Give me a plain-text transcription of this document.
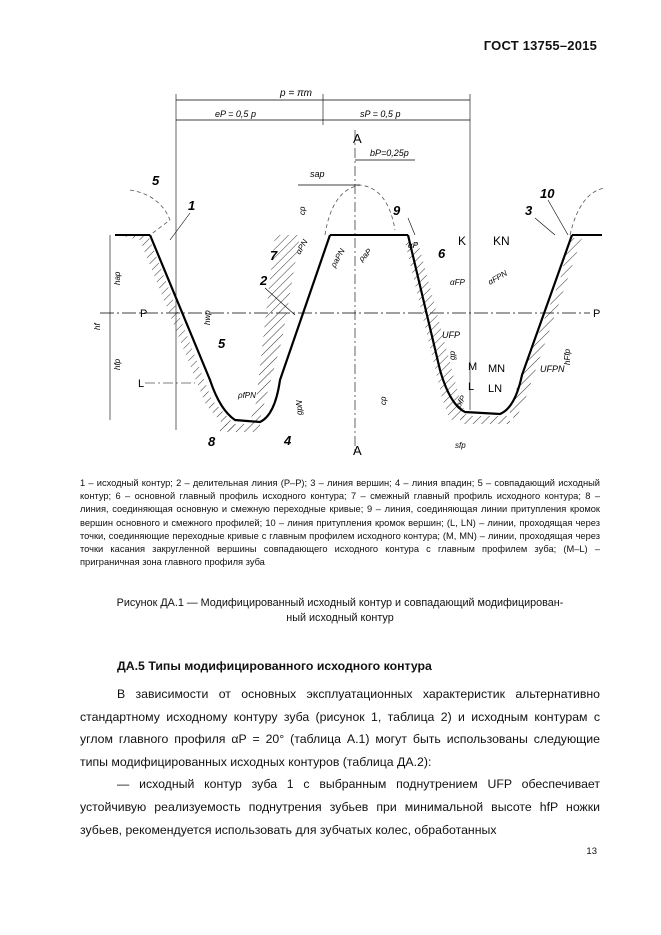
ГОСТ 13755–2015
P	P
p = πm
eP = 0,5 p	sP = 0,5 p
A
A
bP=0,25p
sap
cp
hap
hfp
hf
hwp
gpN	cp
gp	hFfp
sfp
L
K KN
M MN
L LN
αPN	αP
αFP	αFPN
ρaPN ρaP
ρfPN	ρfP
UFP
UFPN
1
2
3
4
5
5
6
7
8
9
10

1 – исходный контур; 2 – делительная линия (P–P); 3 – линия вершин; 4 – линия впадин; 5 – совпадающий исходный контур; 6 – основной главный профиль исходного контура; 7 – смежный главный профиль исходного контура; 8 – линия, соединяющая основную и смежную переходные кривые; 9 – линия, соединяющая линии притупления кромок вершин основного и смежного профилей; 10 – линия притупления кромок вершин; (L, LN) – линии, проходящая через точки, соединяющие переходные кривые с главным профилем исходного контура; (M, MN) – линии, проходящая через точки касания закругленной вершины совпадающего исходного контура с главным профилем зуба; (M–L) – приграничная зона главного профиля зуба

Рисунок ДА.1 — Модифицированный исходный контур и совпадающий модифицирован-
ный исходный контур
ДА.5 Типы модифицированного исходного контура

В зависимости от основных эксплуатационных характеристик альтернативно стандартному исходному контуру зуба (рисунок 1, таблица 2) и исходным контурам с углом главного профиля αP = 20° (таблица А.1) могут быть использованы следующие типы модифицированных исходных контуров (таблица ДА.2):

— исходный контур зуба 1 с выбранным поднутрением UFP обеспечивает устойчивую реализуемость поднутрения зубьев при минимальной высоте hfP ножки зубьев, рекомендуется использовать для зубчатых колес, обработанных

13
